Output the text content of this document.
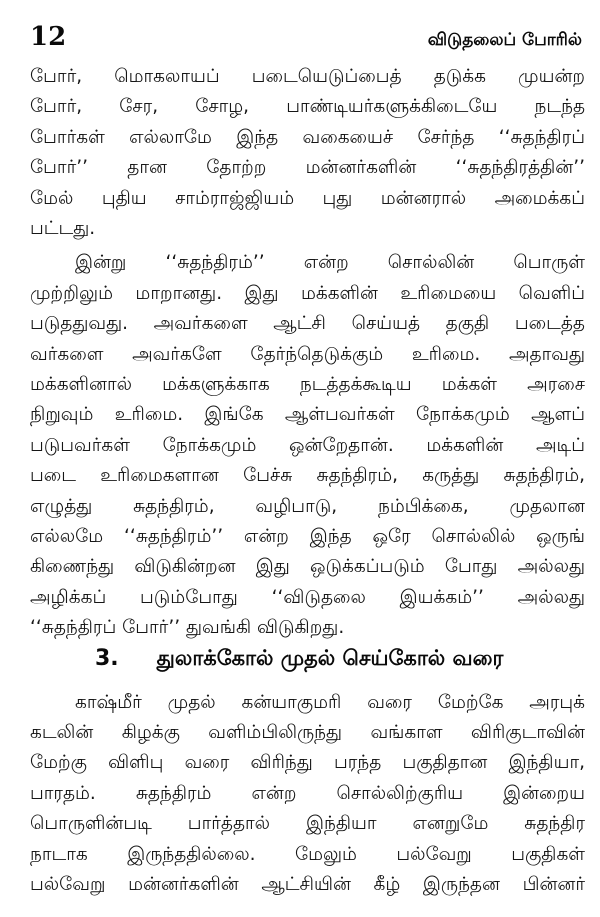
12	விடுதலைப் போரில்
போர், மொகலாயப் படையெடுப்பைத் தடுக்க முயன்ற
போர், சேர, சோழ, பாண்டியர்களுக்கிடையே நடந்த
போர்கள் எல்லாமே இந்த வகையைச் சேர்ந்த ‘‘சுதந்திரப்
போர்’’ தான தோற்ற மன்னர்களின் ‘‘சுதந்திரத்தின்’’
மேல் புதிய சாம்ராஜ்ஜியம் புது மன்னரால் அமைக்கப்
பட்டது.
இன்று ‘‘சுதந்திரம்’’ என்ற சொல்லின் பொருள்
முற்றிலும் மாறானது. இது மக்களின் உரிமையை வெளிப்
படுததுவது. அவர்களை ஆட்சி செய்யத் தகுதி படைத்த
வர்களை அவர்களே தேர்ந்தெடுக்கும் உரிமை. அதாவது
மக்களினால் மக்களுக்காக நடத்தக்கூடிய மக்கள் அரசை
நிறுவும் உரிமை. இங்கே ஆள்பவர்கள் நோக்கமும் ஆளப்
படுபவர்கள் நோக்கமும் ஒன்றேதான். மக்களின் அடிப்
படை உரிமைகளான பேச்சு சுதந்திரம், கருத்து சுதந்திரம்,
எழுத்து சுதந்திரம், வழிபாடு, நம்பிக்கை, முதலான
எல்லமே ‘‘சுதந்திரம்’’ என்ற இந்த ஒரே சொல்லில் ஒருங்
கிணைந்து விடுகின்றன இது ஒடுக்கப்படும் போது அல்லது
அழிக்கப் படும்போது ‘‘விடுதலை இயக்கம்’’ அல்லது
‘‘சுதந்திரப் போர்’’ துவங்கி விடுகிறது.
3. துலாக்கோல் முதல் செய்கோல் வரை
காஷ்மீர் முதல் கன்யாகுமரி வரை மேற்கே அரபுக்
கடலின் கிழக்கு வளிம்பிலிருந்து வங்காள விரிகுடாவின்
மேற்கு விளிபு வரை விரிந்து பரந்த பகுதிதான இந்தியா,
பாரதம். சுதந்திரம் என்ற சொல்லிற்குரிய இன்றைய
பொருளின்படி பார்த்தால் இந்தியா எனறுமே சுதந்திர
நாடாக இருந்ததில்லை. மேலும் பல்வேறு பகுதிகள்
பல்வேறு மன்னர்களின் ஆட்சியின் கீழ் இருந்தன பின்னர்
